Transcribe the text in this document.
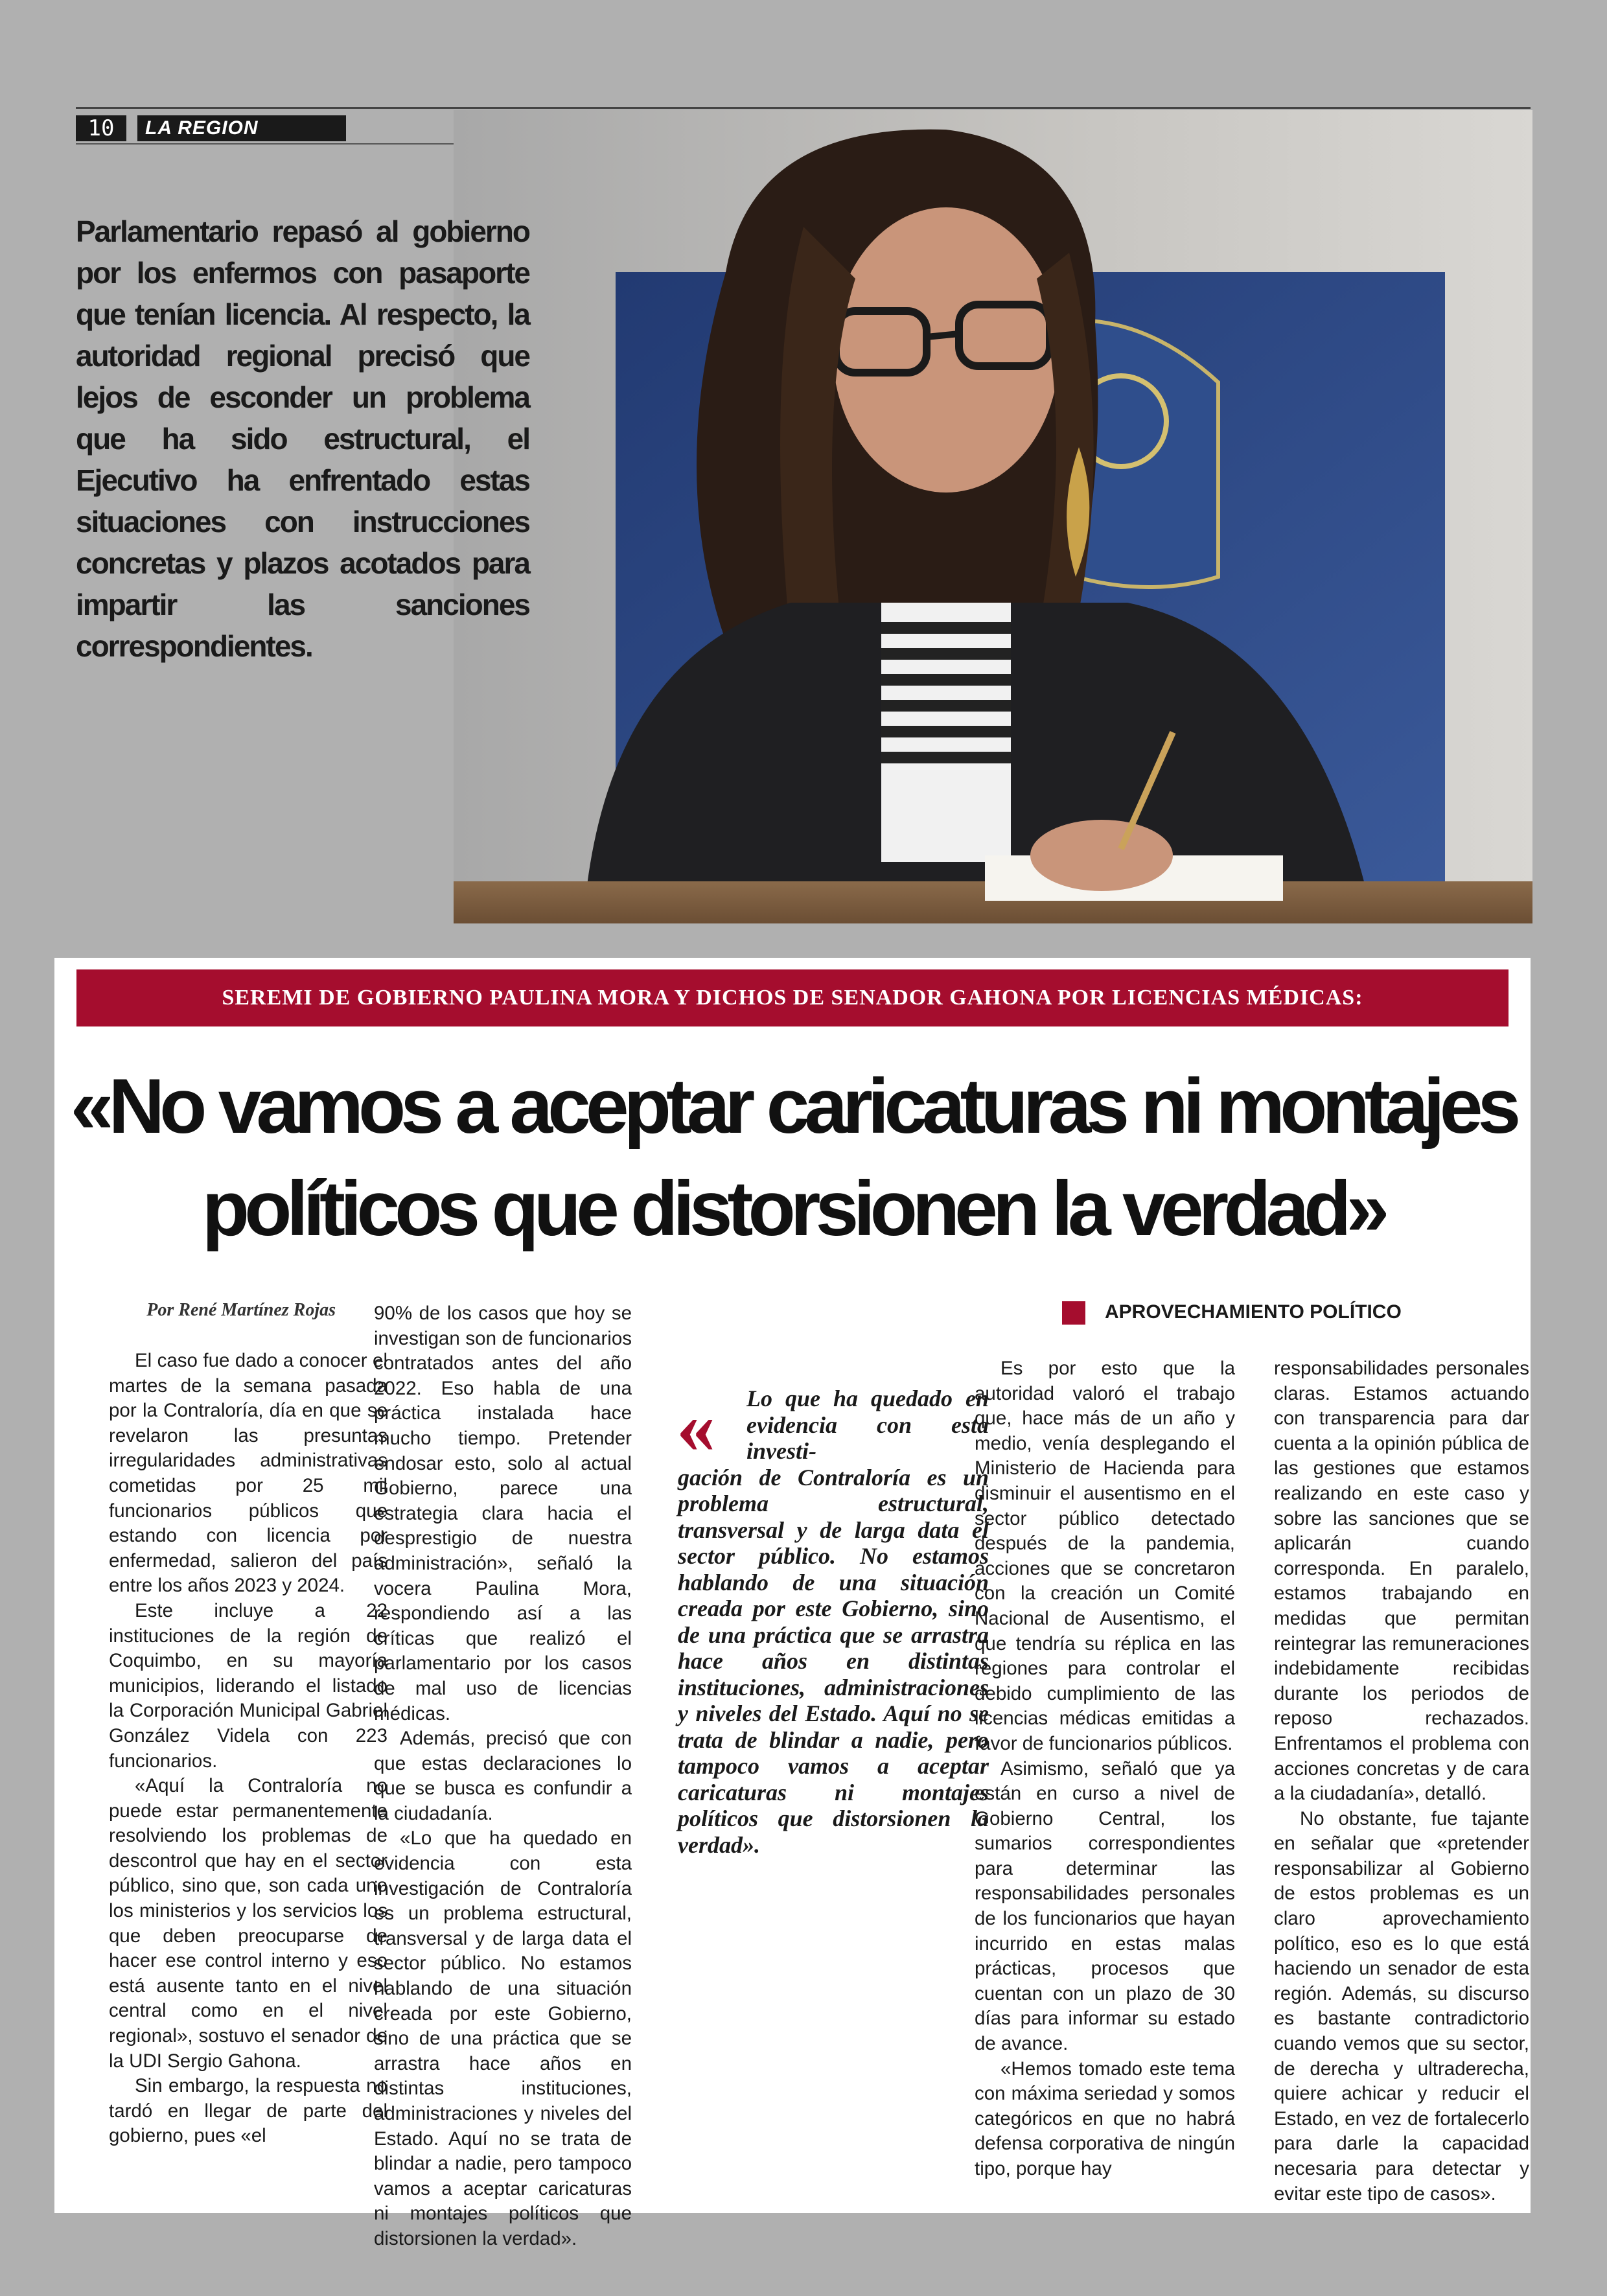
10	LA REGION
Parlamentario repasó al gobierno por los enfermos con pasaporte que tenían licencia. Al respecto, la autoridad regional precisó que lejos de esconder un problema que ha sido estructural, el Ejecutivo ha enfrentado estas situaciones con instrucciones concretas y plazos acotados para impartir las sanciones correspondientes.
SEREMI DE GOBIERNO PAULINA MORA Y DICHOS DE SENADOR GAHONA POR LICENCIAS MÉDICAS:
«No vamos a aceptar caricaturas ni montajes políticos que distorsionen la verdad»
Por René Martínez Rojas

El caso fue dado a conocer el martes de la semana pasada por la Contraloría, día en que se revelaron las presuntas irregularidades administrativas cometidas por 25 mil funcionarios públicos que estando con licencia por enfermedad, salieron del país entre los años 2023 y 2024.

Este incluye a 22 instituciones de la región de Coquimbo, en su mayoría municipios, liderando el listado la Corporación Municipal Gabriel González Videla con 223 funcionarios.

«Aquí la Contraloría no puede estar permanentemente resolviendo los problemas de descontrol que hay en el sector público, sino que, son cada uno los ministerios y los servicios los que deben preocuparse de hacer ese control interno y eso está ausente tanto en el nivel central como en el nivel regional», sostuvo el senador de la UDI Sergio Gahona.

Sin embargo, la respuesta no tardó en llegar de parte del gobierno, pues «el

90% de los casos que hoy se investigan son de funcionarios contratados antes del año 2022. Eso habla de una práctica instalada hace mucho tiempo. Pretender endosar esto, solo al actual Gobierno, parece una estrategia clara hacia el desprestigio de nuestra administración», señaló la vocera Paulina Mora, respondiendo así a las críticas que realizó el parlamentario por los casos de mal uso de licencias médicas.

Además, precisó que con que estas declaraciones lo que se busca es confundir a la ciudadanía.

«Lo que ha quedado en evidencia con esta investigación de Contraloría es un problema estructural, transversal y de larga data el sector público. No estamos hablando de una situación creada por este Gobierno, sino de una práctica que se arrastra hace años en distintas instituciones, administraciones y niveles del Estado. Aquí no se trata de blindar a nadie, pero tampoco vamos a aceptar caricaturas ni montajes políticos que distorsionen la verdad».

«	Lo que ha quedado en evidencia con esta investi-
gación de Contraloría es un problema estructural, transversal y de larga data el sector público. No estamos hablando de una situación creada por este Gobierno, sino de una práctica que se arrastra hace años en distintas instituciones, administraciones y niveles del Estado. Aquí no se trata de blindar a nadie, pero tampoco vamos a aceptar caricaturas ni montajes políticos que distorsionen la verdad».
APROVECHAMIENTO POLÍTICO

Es por esto que la autoridad valoró el trabajo que, hace más de un año y medio, venía desplegando el Ministerio de Hacienda para disminuir el ausentismo en el sector público detectado después de la pandemia, acciones que se concretaron con la creación un Comité Nacional de Ausentismo, el que tendría su réplica en las regiones para controlar el debido cumplimiento de las licencias médicas emitidas a favor de funcionarios públicos.

Asimismo, señaló que ya están en curso a nivel de Gobierno Central, los sumarios correspondientes para determinar las responsabilidades personales de los funcionarios que hayan incurrido en estas malas prácticas, procesos que cuentan con un plazo de 30 días para informar su estado de avance.

«Hemos tomado este tema con máxima seriedad y somos categóricos en que no habrá defensa corporativa de ningún tipo, porque hay

responsabilidades personales claras. Estamos actuando con transparencia para dar cuenta a la opinión pública de las gestiones que estamos realizando en este caso y sobre las sanciones que se aplicarán cuando corresponda. En paralelo, estamos trabajando en medidas que permitan reintegrar las remuneraciones indebidamente recibidas durante los periodos de reposo rechazados. Enfrentamos el problema con acciones concretas y de cara a la ciudadanía», detalló.

No obstante, fue tajante en señalar que «pretender responsabilizar al Gobierno de estos problemas es un claro aprovechamiento político, eso es lo que está haciendo un senador de esta región. Además, su discurso es bastante contradictorio cuando vemos que su sector, de derecha y ultraderecha, quiere achicar y reducir el Estado, en vez de fortalecerlo para darle la capacidad necesaria para detectar y evitar este tipo de casos».
